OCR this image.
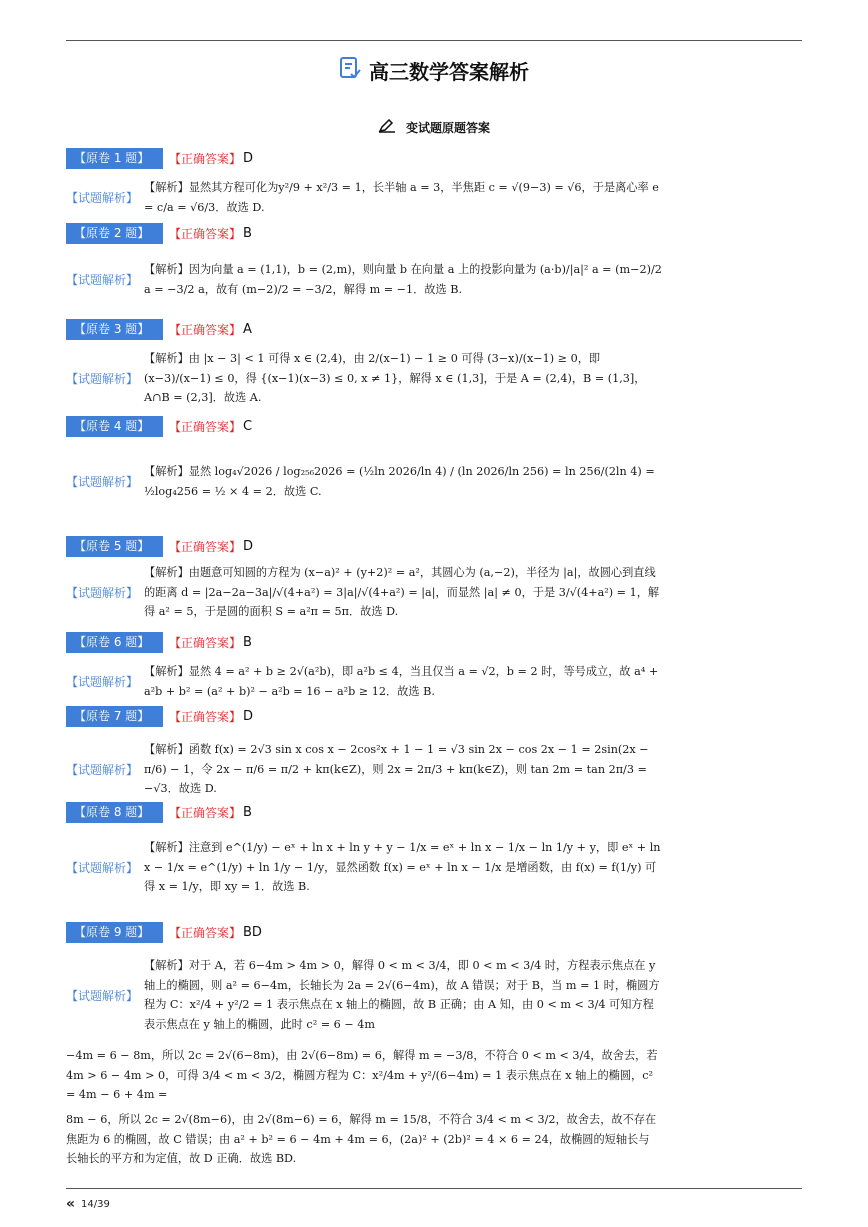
高三数学答案解析
变试题原题答案
【原卷 1 题】	【正确答案】 D
【试题解析】
【解析】显然其方程可化为y²/9 + x²/3 = 1，长半轴 a = 3，半焦距 c = √(9−3) = √6，于是离心率 e = c/a = √6/3．故选 D.
【原卷 2 题】	【正确答案】 B
【试题解析】
【解析】因为向量 a = (1,1)，b = (2,m)，则向量 b 在向量 a 上的投影向量为 (a·b)/|a|² a = (m−2)/2 a = −3/2 a，故有 (m−2)/2 = −3/2，解得 m = −1．故选 B.
【原卷 3 题】	【正确答案】 A
【试题解析】
【解析】由 |x − 3| < 1 可得 x ∈ (2,4)，由 2/(x−1) − 1 ≥ 0 可得 (3−x)/(x−1) ≥ 0，即 (x−3)/(x−1) ≤ 0，得 {(x−1)(x−3) ≤ 0, x ≠ 1}，解得 x ∈ (1,3]，于是 A = (2,4)，B = (1,3]，A∩B = (2,3]．故选 A.
【原卷 4 题】	【正确答案】 C
【试题解析】
【解析】显然 log₄√2026 / log₂₅₆2026 = (½ln 2026/ln 4) / (ln 2026/ln 256) = ln 256/(2ln 4) = ½log₄256 = ½ × 4 = 2．故选 C.
【原卷 5 题】	【正确答案】 D
【试题解析】
【解析】由题意可知圆的方程为 (x−a)² + (y+2)² = a²，其圆心为 (a,−2)，半径为 |a|，故圆心到直线的距离 d = |2a−2a−3a|/√(4+a²) = 3|a|/√(4+a²) = |a|，而显然 |a| ≠ 0，于是 3/√(4+a²) = 1，解得 a² = 5，于是圆的面积 S = a²π = 5π．故选 D.
【原卷 6 题】	【正确答案】 B
【试题解析】
【解析】显然 4 = a² + b ≥ 2√(a²b)，即 a²b ≤ 4，当且仅当 a = √2，b = 2 时，等号成立，故 a⁴ + a²b + b² = (a² + b)² − a²b = 16 − a²b ≥ 12．故选 B.
【原卷 7 题】	【正确答案】 D
【试题解析】
【解析】函数 f(x) = 2√3 sin x cos x − 2cos²x + 1 − 1 = √3 sin 2x − cos 2x − 1 = 2sin(2x − π/6) − 1，令 2x − π/6 = π/2 + kπ(k∈Z)，则 2x = 2π/3 + kπ(k∈Z)，则 tan 2m = tan 2π/3 = −√3．故选 D.
【原卷 8 题】	【正确答案】 B
【试题解析】
【解析】注意到 e^(1/y) − eˣ + ln x + ln y + y − 1/x = eˣ + ln x − 1/x − ln 1/y + y，即 eˣ + ln x − 1/x = e^(1/y) + ln 1/y − 1/y，显然函数 f(x) = eˣ + ln x − 1/x 是增函数，由 f(x) = f(1/y) 可得 x = 1/y，即 xy = 1．故选 B.
【原卷 9 题】	【正确答案】 BD
【试题解析】
【解析】对于 A，若 6−4m > 4m > 0，解得 0 < m < 3/4，即 0 < m < 3/4 时，方程表示焦点在 y 轴上的椭圆，则 a² = 6−4m，长轴长为 2a = 2√(6−4m)，故 A 错误；对于 B，当 m = 1 时，椭圆方程为 C：x²/4 + y²/2 = 1 表示焦点在 x 轴上的椭圆，故 B 正确；由 A 知，由 0 < m < 3/4 可知方程表示焦点在 y 轴上的椭圆，此时 c² = 6 − 4m
−4m = 6 − 8m，所以 2c = 2√(6−8m)，由 2√(6−8m) = 6，解得 m = −3/8，不符合 0 < m < 3/4，故舍去，若 4m > 6 − 4m > 0，可得 3/4 < m < 3/2，椭圆方程为 C：x²/4m + y²/(6−4m) = 1 表示焦点在 x 轴上的椭圆，c² = 4m − 6 + 4m =
8m − 6，所以 2c = 2√(8m−6)，由 2√(8m−6) = 6，解得 m = 15/8，不符合 3/4 < m < 3/2，故舍去，故不存在焦距为 6 的椭圆，故 C 错误；由 a² + b² = 6 − 4m + 4m = 6，(2a)² + (2b)² = 4 × 6 = 24，故椭圆的短轴长与长轴长的平方和为定值，故 D 正确．故选 BD.
« 14/39
